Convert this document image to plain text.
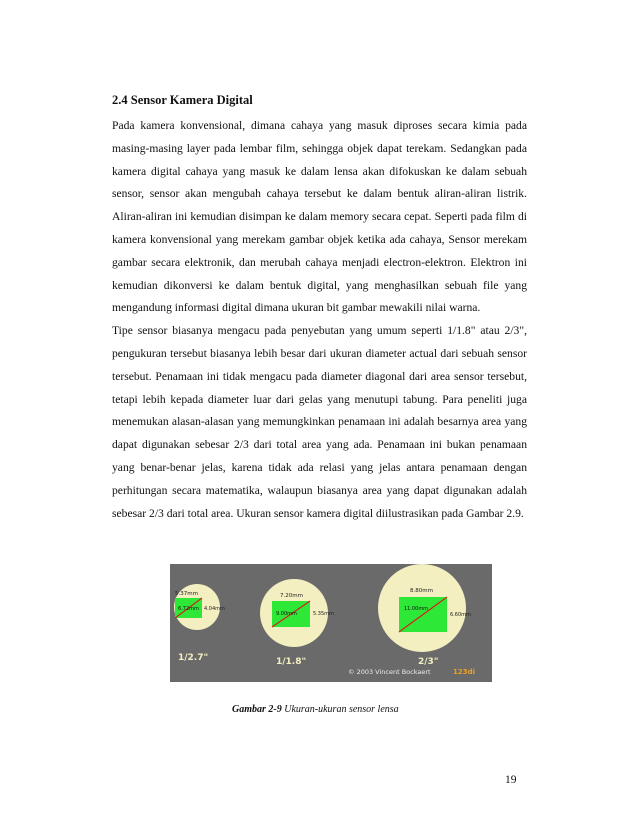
2.4 Sensor Kamera Digital

Pada kamera konvensional, dimana cahaya yang masuk diproses secara kimia pada masing-masing layer pada lembar film, sehingga objek dapat terekam. Sedangkan pada kamera digital cahaya yang masuk ke dalam lensa akan difokuskan ke dalam sebuah sensor, sensor akan mengubah cahaya tersebut ke dalam bentuk aliran-aliran listrik. Aliran-aliran ini kemudian disimpan ke dalam memory secara cepat. Seperti pada film di kamera konvensional yang merekam gambar objek ketika ada cahaya, Sensor merekam gambar secara elektronik, dan merubah cahaya menjadi electron-elektron. Elektron ini kemudian dikonversi ke dalam bentuk digital, yang menghasilkan sebuah file yang mengandung informasi digital dimana ukuran bit gambar mewakili nilai warna.

Tipe sensor biasanya mengacu pada penyebutan yang umum seperti 1/1.8" atau 2/3", pengukuran tersebut biasanya lebih besar dari ukuran diameter actual dari sebuah sensor tersebut. Penamaan ini tidak mengacu pada diameter diagonal dari area sensor tersebut, tetapi lebih kepada diameter luar dari gelas yang menutupi tabung. Para peneliti juga menemukan alasan-alasan yang memungkinkan penamaan ini adalah besarnya area yang dapat digunakan sebesar 2/3 dari total area yang ada. Penamaan ini bukan penamaan yang benar-benar jelas, karena tidak ada relasi yang jelas antara penamaan dengan perhitungan secara matematika, walaupun biasanya area yang dapat digunakan adalah sebesar 2/3 dari total area. Ukuran sensor kamera digital diilustrasikan pada Gambar 2.9.

5.37mm
6.72mm 4.04mm
1/2.7"
7.20mm
9.00mm	5.35mm
1/1.8"
8.80mm
11.00mm
6.60mm
2/3"
© 2003 Vincent Bockaert	123di
Gambar 2-9 Ukuran-ukuran sensor lensa
19
